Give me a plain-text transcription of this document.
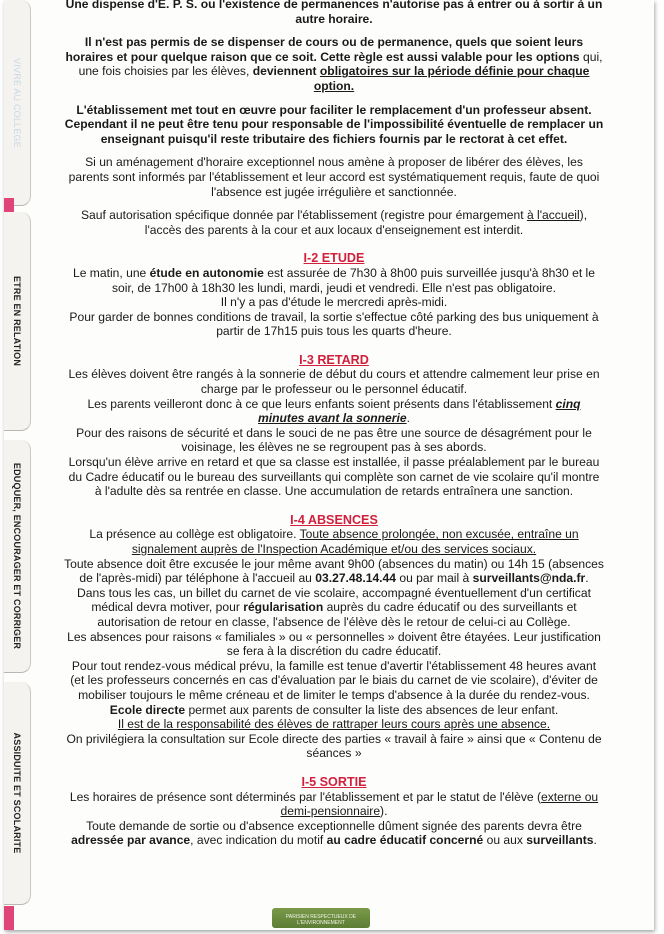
VIVRE AU COLLEGE
ETRE EN RELATION
EDUQUER, ENCOURAGER ET CORRIGER
ASSIDUITE ET SCOLARITE

Une dispense d'E. P. S. ou l'existence de permanences n'autorise pas à entrer ou à sortir à un autre horaire.

Il n'est pas permis de se dispenser de cours ou de permanence, quels que soient leurs horaires et pour quelque raison que ce soit. Cette règle est aussi valable pour les options qui, une fois choisies par les élèves, deviennent obligatoires sur la période définie pour chaque option.

L'établissement met tout en œuvre pour faciliter le remplacement d'un professeur absent. Cependant il ne peut être tenu pour responsable de l'impossibilité éventuelle de remplacer un enseignant puisqu'il reste tributaire des fichiers fournis par le rectorat à cet effet.

Si un aménagement d'horaire exceptionnel nous amène à proposer de libérer des élèves, les parents sont informés par l'établissement et leur accord est systématiquement requis, faute de quoi l'absence est jugée irrégulière et sanctionnée.

Sauf autorisation spécifique donnée par l'établissement (registre pour émargement à l'accueil), l'accès des parents à la cour et aux locaux d'enseignement est interdit.

I-2 ETUDE

Le matin, une étude en autonomie est assurée de 7h30 à 8h00 puis surveillée jusqu'à 8h30 et le soir, de 17h00 à 18h30 les lundi, mardi, jeudi et vendredi. Elle n'est pas obligatoire.

Il n'y a pas d'étude le mercredi après-midi.

Pour garder de bonnes conditions de travail, la sortie s'effectue côté parking des bus uniquement à partir de 17h15 puis tous les quarts d'heure.

I-3 RETARD

Les élèves doivent être rangés à la sonnerie de début du cours et attendre calmement leur prise en charge par le professeur ou le personnel éducatif.

Les parents veilleront donc à ce que leurs enfants soient présents dans l'établissement cinq minutes avant la sonnerie.

Pour des raisons de sécurité et dans le souci de ne pas être une source de désagrément pour le voisinage, les élèves ne se regroupent pas à ses abords.

Lorsqu'un élève arrive en retard et que sa classe est installée, il passe préalablement par le bureau du Cadre éducatif ou le bureau des surveillants qui complète son carnet de vie scolaire qu'il montre à l'adulte dès sa rentrée en classe. Une accumulation de retards entraînera une sanction.

I-4 ABSENCES

La présence au collège est obligatoire. Toute absence prolongée, non excusée, entraîne un signalement auprès de l'Inspection Académique et/ou des services sociaux.

Toute absence doit être excusée le jour même avant 9h00 (absences du matin) ou 14h 15 (absences de l'après-midi) par téléphone à l'accueil au 03.27.48.14.44 ou par mail à surveillants@nda.fr.

Dans tous les cas, un billet du carnet de vie scolaire, accompagné éventuellement d'un certificat médical devra motiver, pour régularisation auprès du cadre éducatif ou des surveillants et autorisation de retour en classe, l'absence de l'élève dès le retour de celui-ci au Collège.

Les absences pour raisons « familiales » ou « personnelles » doivent être étayées. Leur justification se fera à la discrétion du cadre éducatif.

Pour tout rendez-vous médical prévu, la famille est tenue d'avertir l'établissement 48 heures avant (et les professeurs concernés en cas d'évaluation par le biais du carnet de vie scolaire), d'éviter de mobiliser toujours le même créneau et de limiter le temps d'absence à la durée du rendez-vous.

Ecole directe permet aux parents de consulter la liste des absences de leur enfant.

Il est de la responsabilité des élèves de rattraper leurs cours après une absence.

On privilégiera la consultation sur Ecole directe des parties « travail à faire » ainsi que « Contenu de séances »

I-5 SORTIE

Les horaires de présence sont déterminés par l'établissement et par le statut de l'élève (externe ou demi-pensionnaire).

Toute demande de sortie ou d'absence exceptionnelle dûment signée des parents devra être adressée par avance, avec indication du motif au cadre éducatif concerné ou aux surveillants.

PARISIEN RESPECTUEUX DE L'ENVIRONNEMENT
